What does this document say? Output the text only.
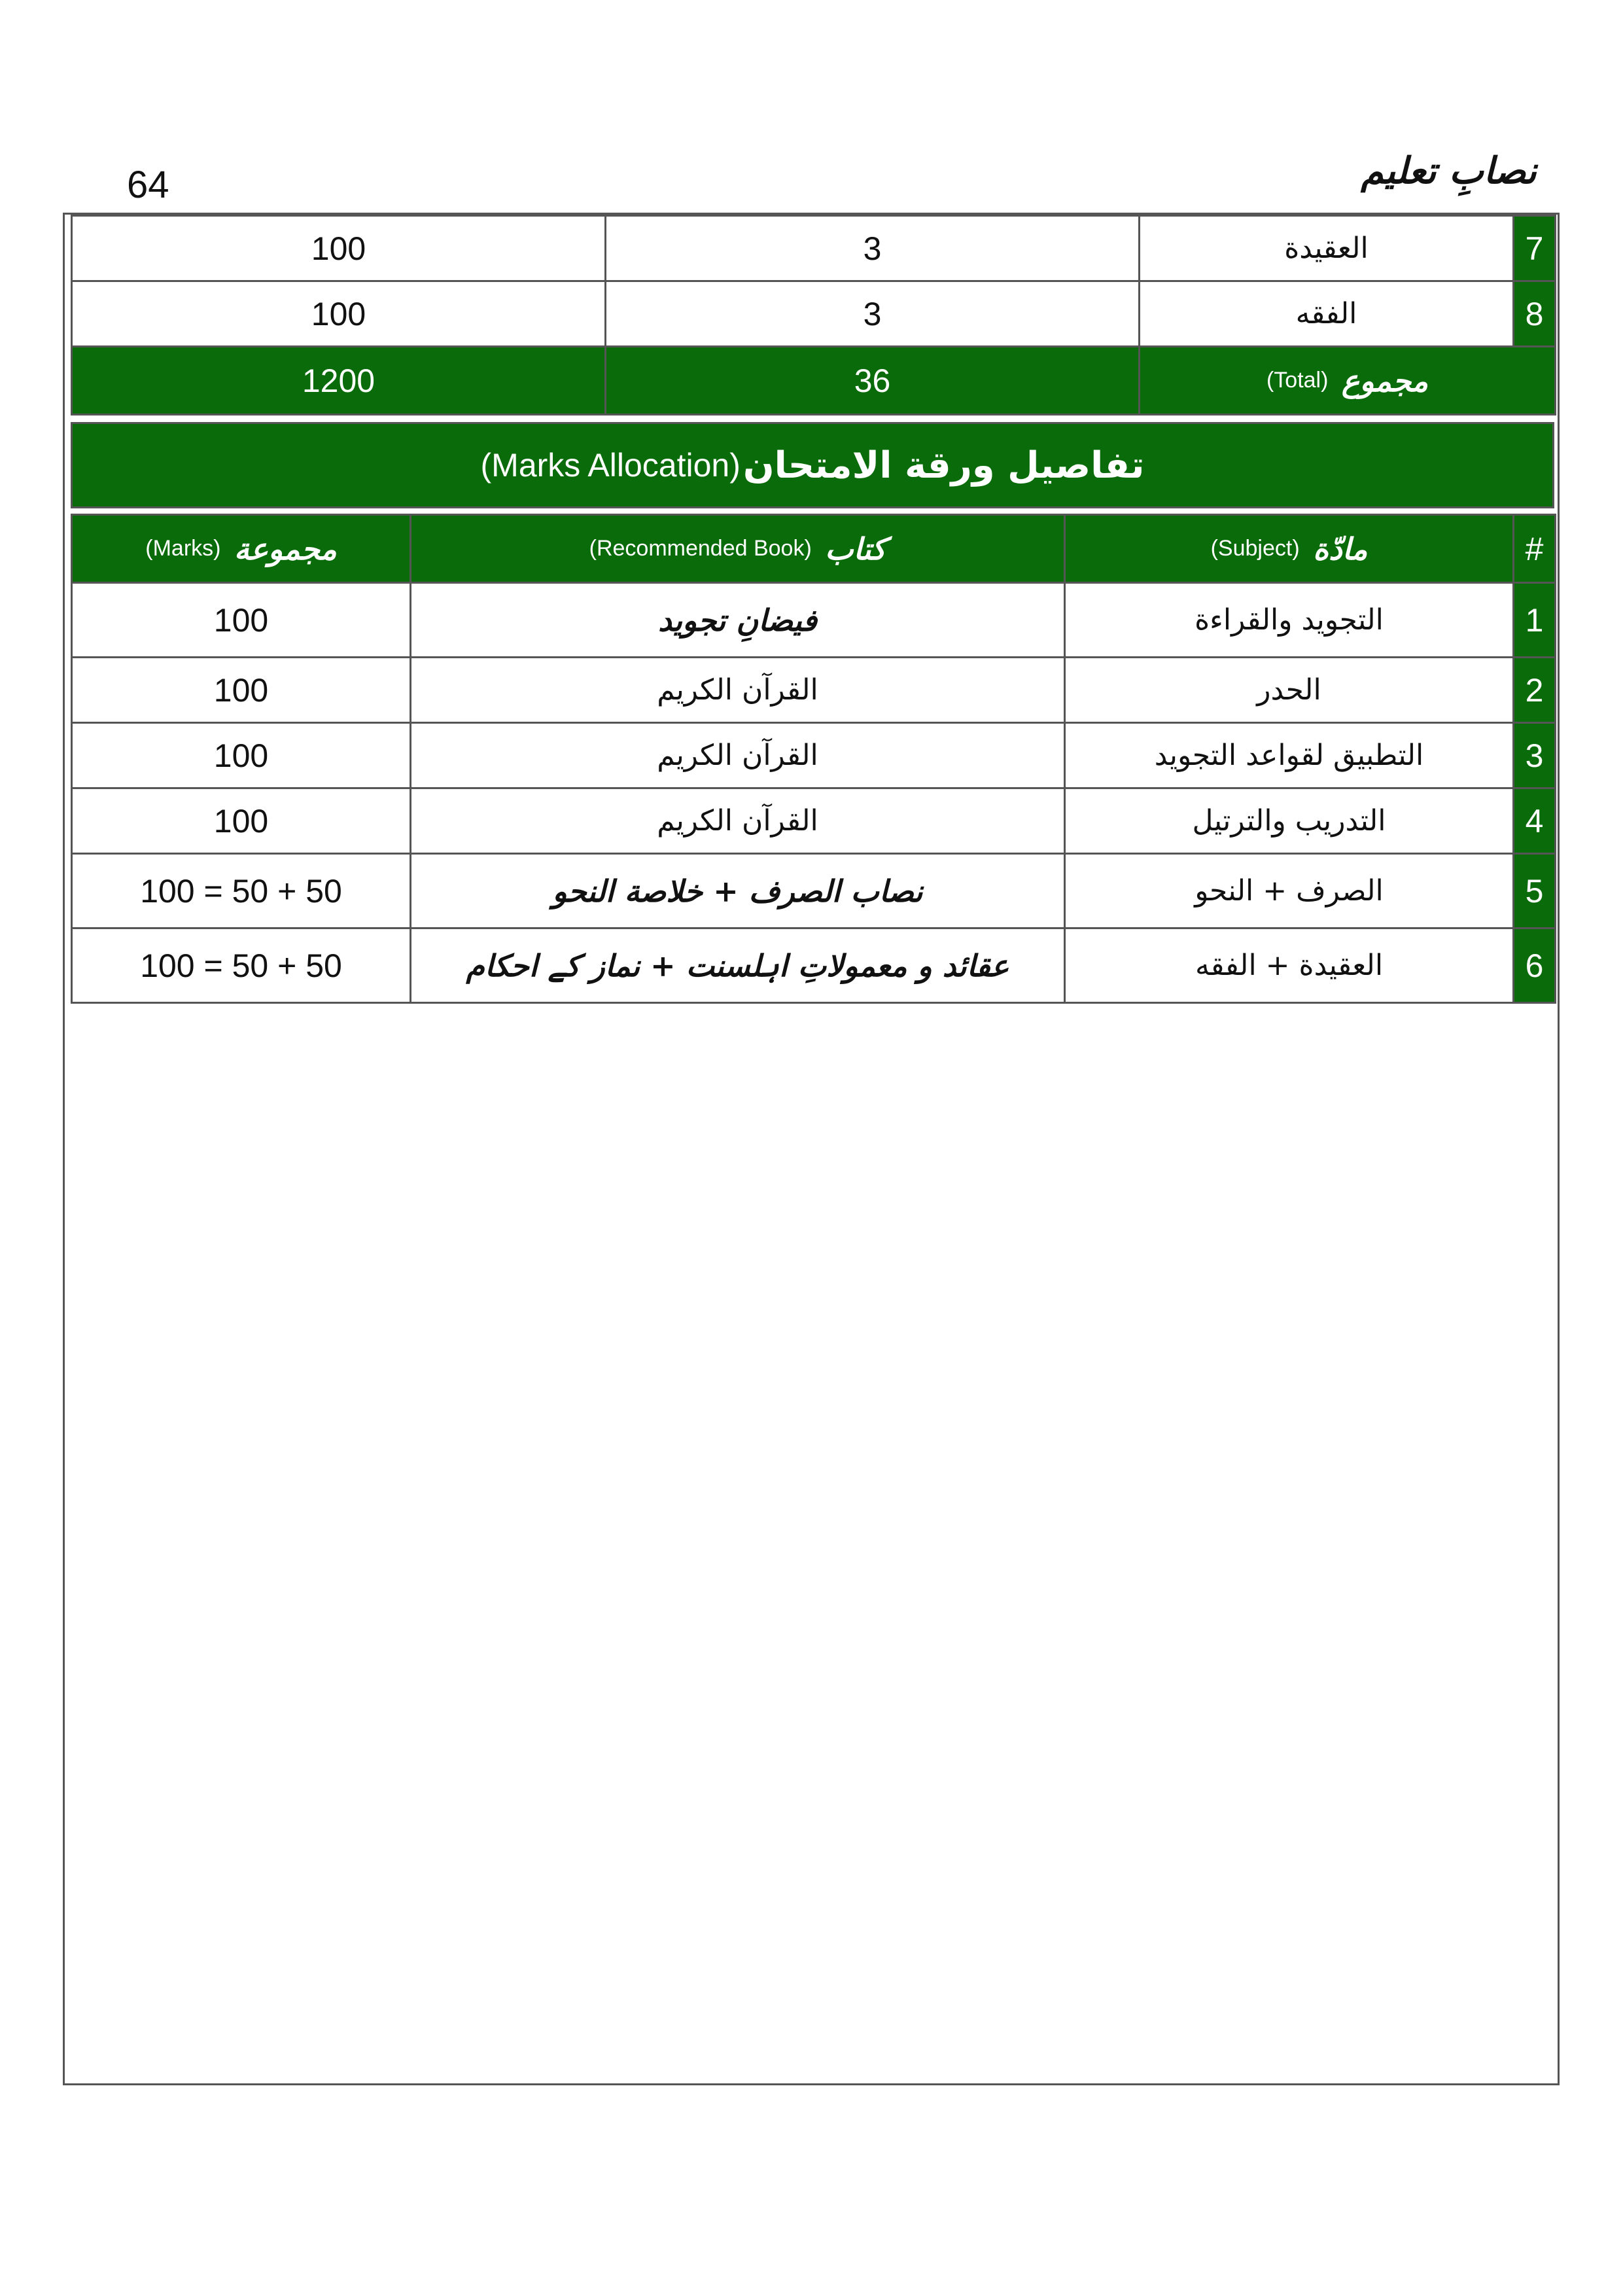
64	نصابِ تعلیم
100	3	العقيدة	7
100	3	الفقه	8
1200	36	(Total) مجموع	
(Marks Allocation) تفاصيل ورقة الامتحان
(Marks) مجموعة	(Recommended Book) كتاب	(Subject) مادّة	#
100	فیضانِ تجوید	التجويد والقراءة	1
100	القرآن الكريم	الحدر	2
100	القرآن الكريم	التطبيق لقواعد التجويد	3
100	القرآن الكريم	التدريب والترتيل	4
100 = 50 + 50	نصاب الصرف + خلاصة النحو	الصرف + النحو	5
100 = 50 + 50	عقائد و معمولاتِ اہلسنت + نماز کے احکام	العقيدة + الفقه	6
